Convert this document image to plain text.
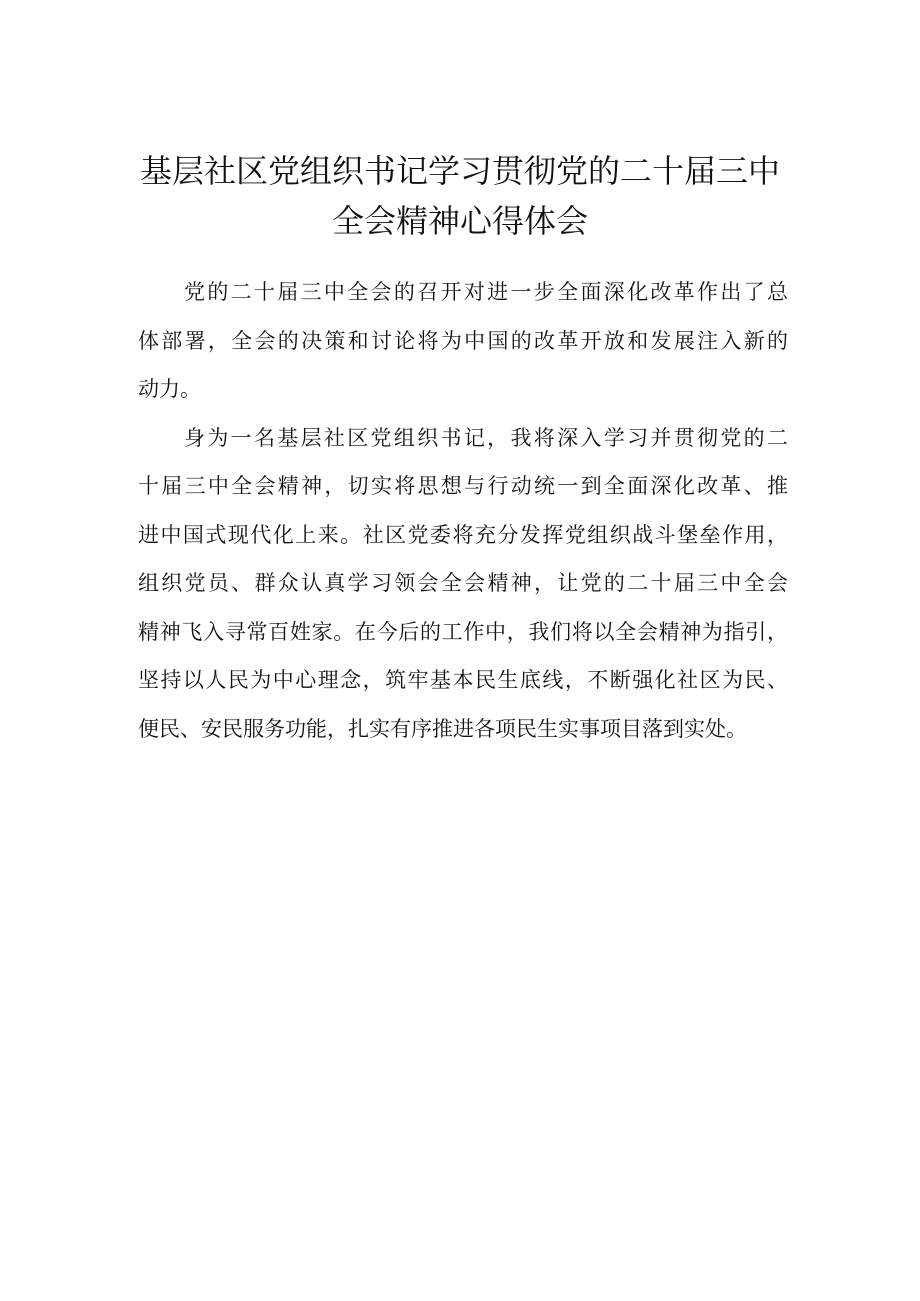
基层社区党组织书记学习贯彻党的二十届三中
全会精神心得体会
党的二十届三中全会的召开对进一步全面深化改革作出了总
体部署，全会的决策和讨论将为中国的改革开放和发展注入新的
动力。
身为一名基层社区党组织书记，我将深入学习并贯彻党的二
十届三中全会精神，切实将思想与行动统一到全面深化改革、推
进中国式现代化上来。社区党委将充分发挥党组织战斗堡垒作用，
组织党员、群众认真学习领会全会精神，让党的二十届三中全会
精神飞入寻常百姓家。在今后的工作中，我们将以全会精神为指引，
坚持以人民为中心理念，筑牢基本民生底线，不断强化社区为民、
便民、安民服务功能，扎实有序推进各项民生实事项目落到实处。
